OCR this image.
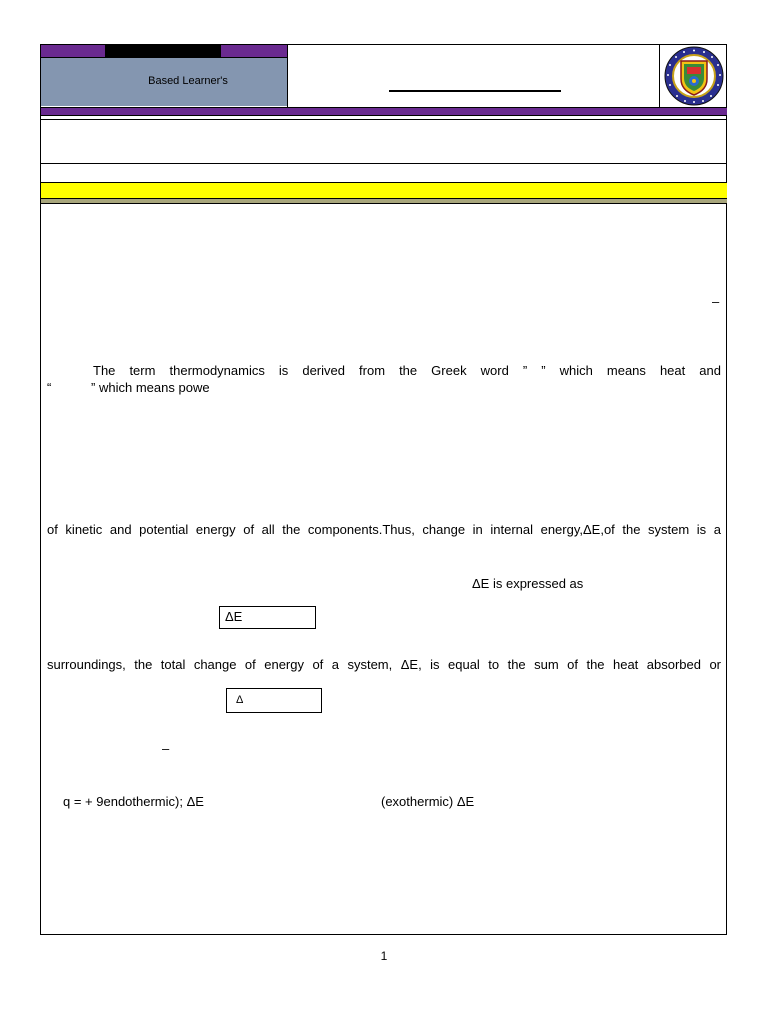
Based Learner's
–
The term thermodynamics is derived from the Greek word ” ” which means heat and
“           ” which means powe
of kinetic and potential energy of all the components.Thus, change in internal energy,ΔE,of the system is a
ΔE is expressed as
ΔE
surroundings, the total change of energy of a system, ΔE, is equal to the sum of the heat absorbed or
Δ
–
q = + 9endothermic); ΔE	(exothermic) ΔE
1
